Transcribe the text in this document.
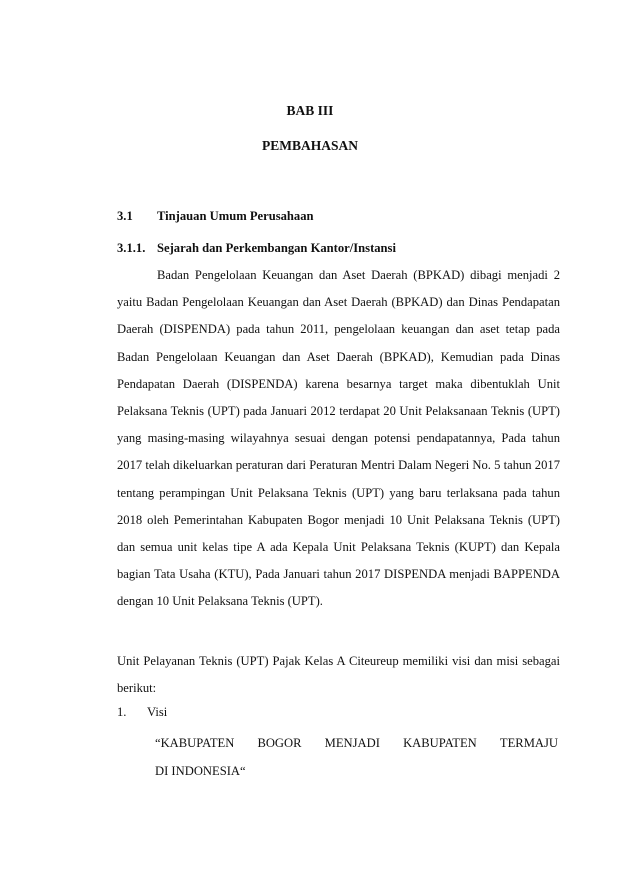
BAB III
PEMBAHASAN
3.1 Tinjauan Umum Perusahaan
3.1.1. Sejarah dan Perkembangan Kantor/Instansi

Badan Pengelolaan Keuangan dan Aset Daerah (BPKAD) dibagi menjadi 2 yaitu Badan Pengelolaan Keuangan dan Aset Daerah (BPKAD) dan Dinas Pendapatan Daerah (DISPENDA) pada tahun 2011, pengelolaan keuangan dan aset tetap pada Badan Pengelolaan Keuangan dan Aset Daerah (BPKAD), Kemudian pada Dinas Pendapatan Daerah (DISPENDA) karena besarnya target maka dibentuklah Unit Pelaksana Teknis (UPT) pada Januari 2012 terdapat 20 Unit Pelaksanaan Teknis (UPT) yang masing-masing wilayahnya sesuai dengan potensi pendapatannya, Pada tahun 2017 telah dikeluarkan peraturan dari Peraturan Mentri Dalam Negeri No. 5 tahun 2017 tentang perampingan Unit Pelaksana Teknis (UPT) yang baru terlaksana pada tahun 2018 oleh Pemerintahan Kabupaten Bogor menjadi 10 Unit Pelaksana Teknis (UPT) dan semua unit kelas tipe A ada Kepala Unit Pelaksana Teknis (KUPT) dan Kepala bagian Tata Usaha (KTU), Pada Januari tahun 2017 DISPENDA menjadi BAPPENDA dengan 10 Unit Pelaksana Teknis (UPT).

Unit Pelayanan Teknis (UPT) Pajak Kelas A Citeureup memiliki visi dan misi sebagai berikut:

1. Visi
“KABUPATEN BOGOR MENJADI KABUPATEN TERMAJU
DI INDONESIA“
